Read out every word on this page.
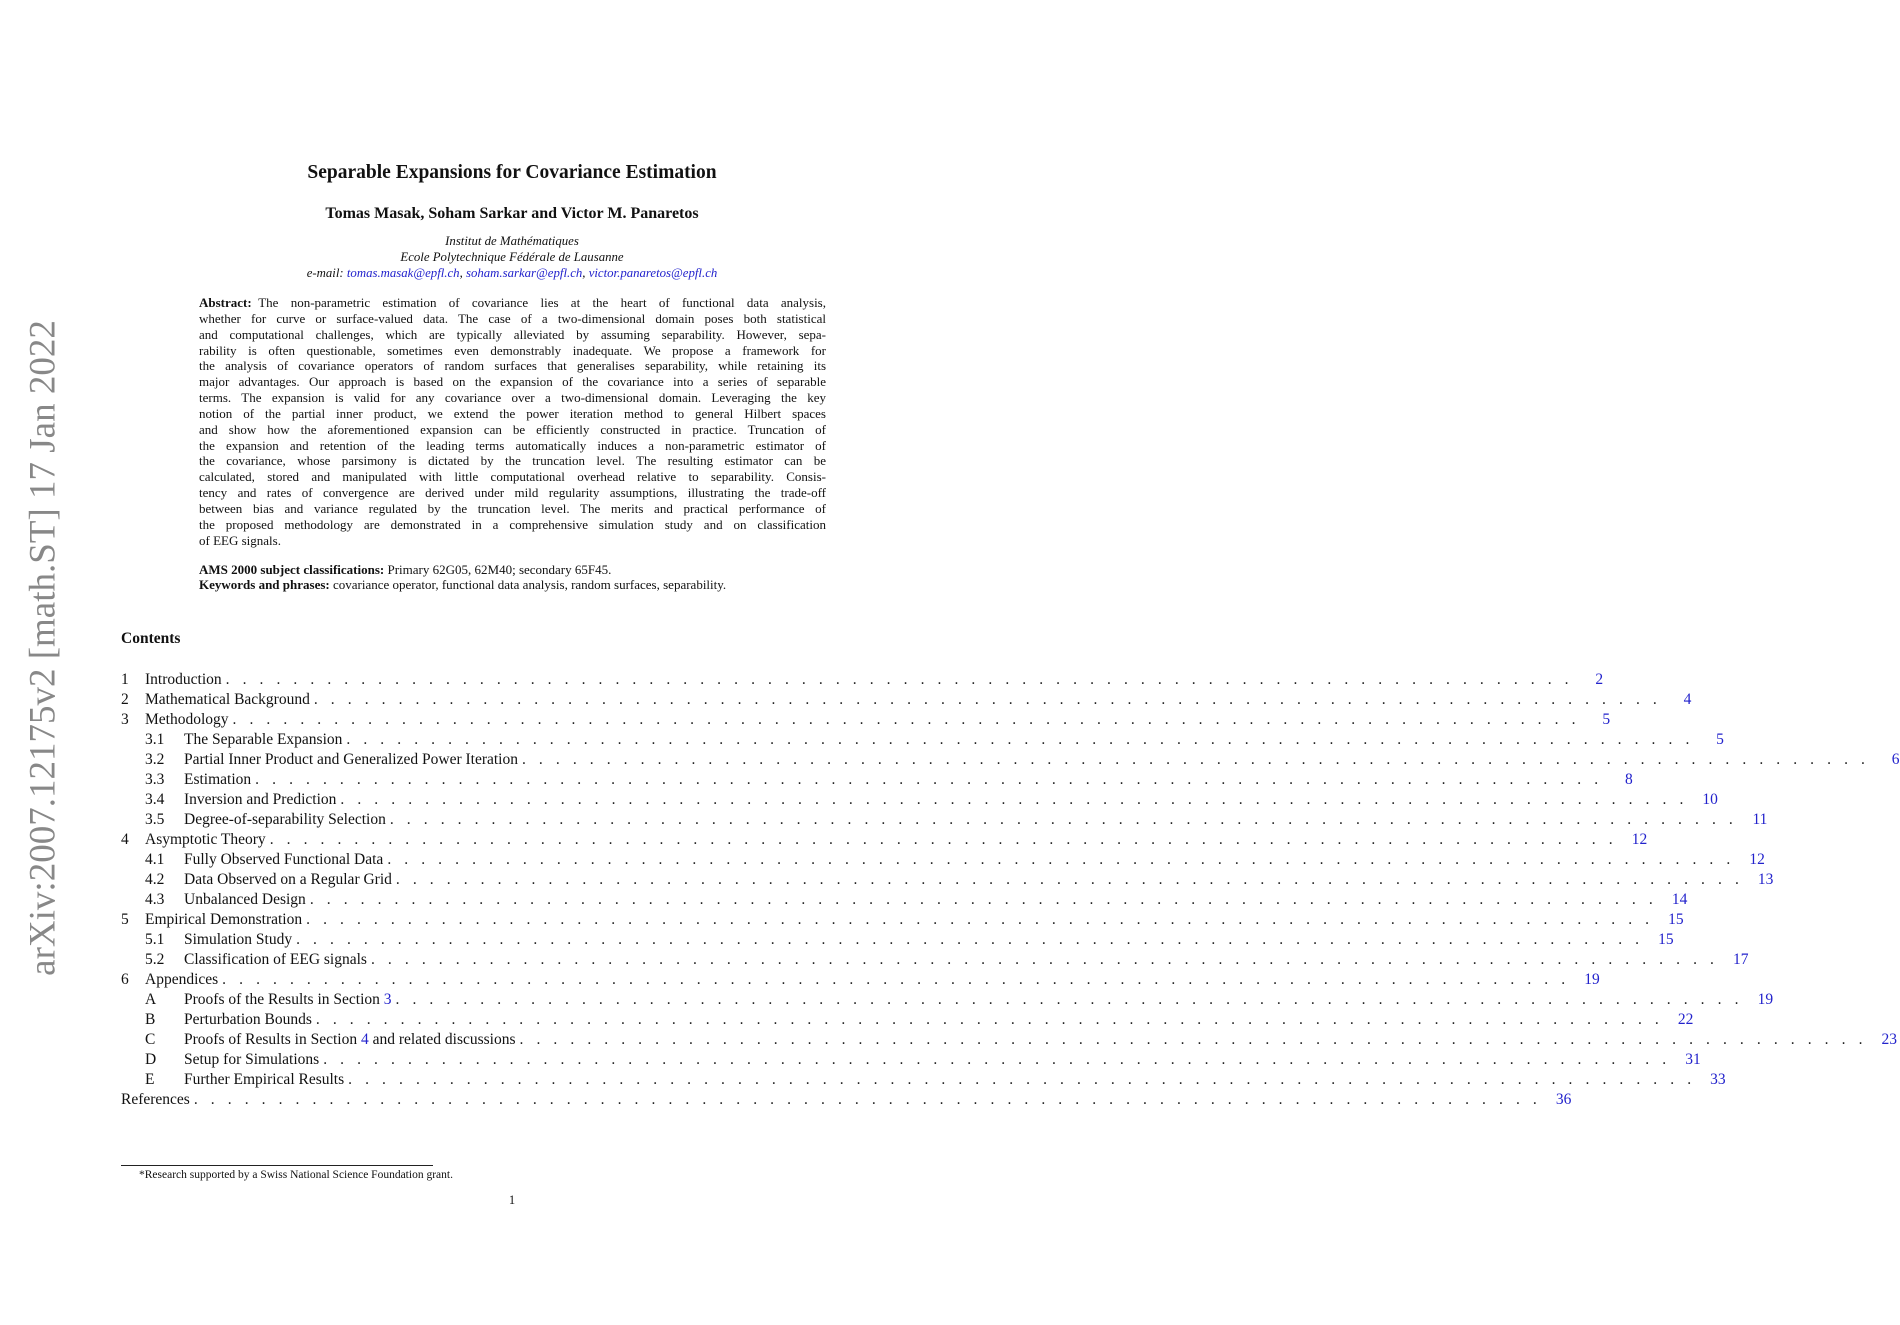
arXiv:2007.12175v2 [math.ST] 17 Jan 2022
Separable Expansions for Covariance Estimation
Tomas Masak, Soham Sarkar and Victor M. Panaretos
Institut de Mathématiques
Ecole Polytechnique Fédérale de Lausanne
e-mail: tomas.masak@epfl.ch, soham.sarkar@epfl.ch, victor.panaretos@epfl.ch
Abstract:  The non-parametric estimation of covariance lies at the heart of functional data analysis,
whether for curve or surface-valued data. The case of a two-dimensional domain poses both statistical
and computational challenges, which are typically alleviated by assuming separability. However, sepa-
rability is often questionable, sometimes even demonstrably inadequate. We propose a framework for
the analysis of covariance operators of random surfaces that generalises separability, while retaining its
major advantages. Our approach is based on the expansion of the covariance into a series of separable
terms. The expansion is valid for any covariance over a two-dimensional domain. Leveraging the key
notion of the partial inner product, we extend the power iteration method to general Hilbert spaces
and show how the aforementioned expansion can be efficiently constructed in practice. Truncation of
the expansion and retention of the leading terms automatically induces a non-parametric estimator of
the covariance, whose parsimony is dictated by the truncation level. The resulting estimator can be
calculated, stored and manipulated with little computational overhead relative to separability. Consis-
tency and rates of convergence are derived under mild regularity assumptions, illustrating the trade-off
between bias and variance regulated by the truncation level. The merits and practical performance of
the proposed methodology are demonstrated in a comprehensive simulation study and on classification
of EEG signals.
AMS 2000 subject classifications: Primary 62G05, 62M40; secondary 65F45.
Keywords and phrases: covariance operator, functional data analysis, random surfaces, separability.
Contents
1	Introduction . . . . . . . . . . . . . . . . . . . . . . . . . . . . . . . . . . . . . . . . . . . . . . . . . . . . . . . . . . . . . . . . . . . . . . . . . . . . . . . .	2
2	Mathematical Background . . . . . . . . . . . . . . . . . . . . . . . . . . . . . . . . . . . . . . . . . . . . . . . . . . . . . . . . . . . . . . . . . . . . . . . . . . . . . . . .	4
3	Methodology . . . . . . . . . . . . . . . . . . . . . . . . . . . . . . . . . . . . . . . . . . . . . . . . . . . . . . . . . . . . . . . . . . . . . . . . . . . . . . . .	5
3.1	The Separable Expansion . . . . . . . . . . . . . . . . . . . . . . . . . . . . . . . . . . . . . . . . . . . . . . . . . . . . . . . . . . . . . . . . . . . . . . . . . . . . . . . .	5
3.2	Partial Inner Product and Generalized Power Iteration . . . . . . . . . . . . . . . . . . . . . . . . . . . . . . . . . . . . . . . . . . . . . . . . . . . . . . . . . . . . . . . . . . . . . . . . . . . . . . . .	6
3.3	Estimation . . . . . . . . . . . . . . . . . . . . . . . . . . . . . . . . . . . . . . . . . . . . . . . . . . . . . . . . . . . . . . . . . . . . . . . . . . . . . . . .	8
3.4	Inversion and Prediction . . . . . . . . . . . . . . . . . . . . . . . . . . . . . . . . . . . . . . . . . . . . . . . . . . . . . . . . . . . . . . . . . . . . . . . . . . . . . . . . 10
3.5	Degree-of-separability Selection . . . . . . . . . . . . . . . . . . . . . . . . . . . . . . . . . . . . . . . . . . . . . . . . . . . . . . . . . . . . . . . . . . . . . . . . . . . . . . . . 11
4	Asymptotic Theory . . . . . . . . . . . . . . . . . . . . . . . . . . . . . . . . . . . . . . . . . . . . . . . . . . . . . . . . . . . . . . . . . . . . . . . . . . . . . . . . 12
4.1	Fully Observed Functional Data . . . . . . . . . . . . . . . . . . . . . . . . . . . . . . . . . . . . . . . . . . . . . . . . . . . . . . . . . . . . . . . . . . . . . . . . . . . . . . . . 12
4.2	Data Observed on a Regular Grid . . . . . . . . . . . . . . . . . . . . . . . . . . . . . . . . . . . . . . . . . . . . . . . . . . . . . . . . . . . . . . . . . . . . . . . . . . . . . . . . 13
4.3	Unbalanced Design . . . . . . . . . . . . . . . . . . . . . . . . . . . . . . . . . . . . . . . . . . . . . . . . . . . . . . . . . . . . . . . . . . . . . . . . . . . . . . . . 14
5	Empirical Demonstration . . . . . . . . . . . . . . . . . . . . . . . . . . . . . . . . . . . . . . . . . . . . . . . . . . . . . . . . . . . . . . . . . . . . . . . . . . . . . . . . 15
5.1	Simulation Study . . . . . . . . . . . . . . . . . . . . . . . . . . . . . . . . . . . . . . . . . . . . . . . . . . . . . . . . . . . . . . . . . . . . . . . . . . . . . . . . 15
5.2	Classification of EEG signals . . . . . . . . . . . . . . . . . . . . . . . . . . . . . . . . . . . . . . . . . . . . . . . . . . . . . . . . . . . . . . . . . . . . . . . . . . . . . . . . 17
6	Appendices . . . . . . . . . . . . . . . . . . . . . . . . . . . . . . . . . . . . . . . . . . . . . . . . . . . . . . . . . . . . . . . . . . . . . . . . . . . . . . . . 19
A	Proofs of the Results in Section 3 . . . . . . . . . . . . . . . . . . . . . . . . . . . . . . . . . . . . . . . . . . . . . . . . . . . . . . . . . . . . . . . . . . . . . . . . . . . . . . . . 19
B	Perturbation Bounds . . . . . . . . . . . . . . . . . . . . . . . . . . . . . . . . . . . . . . . . . . . . . . . . . . . . . . . . . . . . . . . . . . . . . . . . . . . . . . . . 22
C	Proofs of Results in Section 4 and related discussions . . . . . . . . . . . . . . . . . . . . . . . . . . . . . . . . . . . . . . . . . . . . . . . . . . . . . . . . . . . . . . . . . . . . . . . . . . . . . . . . 23
D	Setup for Simulations . . . . . . . . . . . . . . . . . . . . . . . . . . . . . . . . . . . . . . . . . . . . . . . . . . . . . . . . . . . . . . . . . . . . . . . . . . . . . . . . 31
E	Further Empirical Results . . . . . . . . . . . . . . . . . . . . . . . . . . . . . . . . . . . . . . . . . . . . . . . . . . . . . . . . . . . . . . . . . . . . . . . . . . . . . . . . 33
References . . . . . . . . . . . . . . . . . . . . . . . . . . . . . . . . . . . . . . . . . . . . . . . . . . . . . . . . . . . . . . . . . . . . . . . . . . . . . . . . 36
*Research supported by a Swiss National Science Foundation grant.
1
